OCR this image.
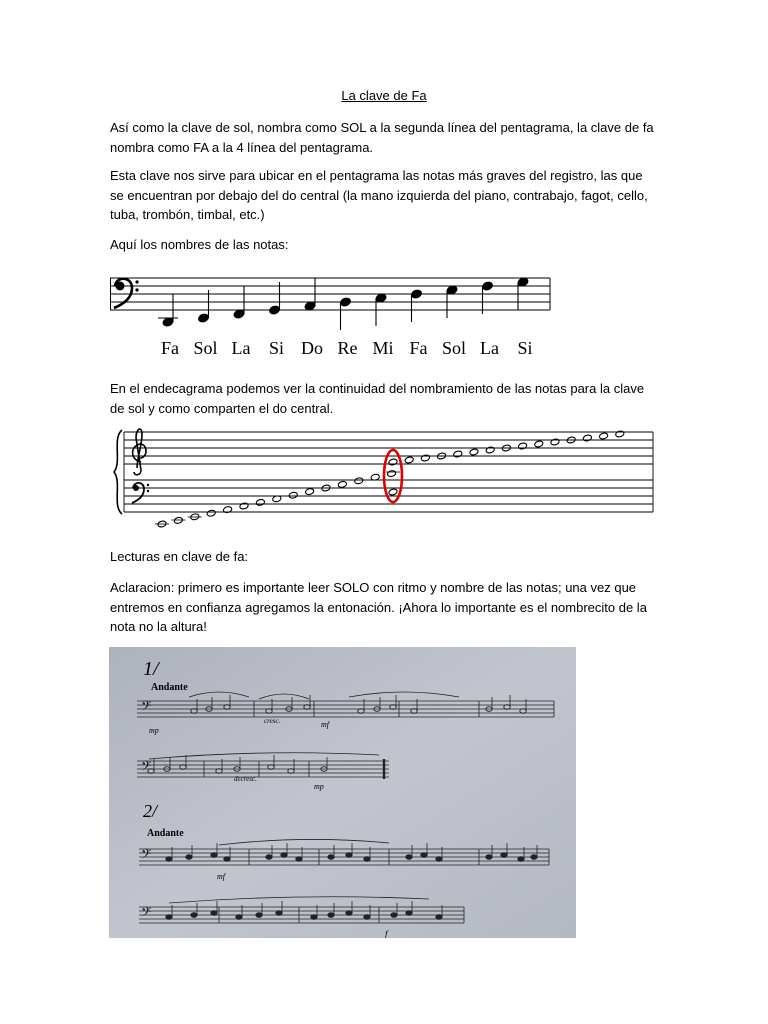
La clave de Fa
Así como la clave de sol, nombra como SOL a la segunda línea del pentagrama, la clave de fa nombra como FA a la 4 línea del pentagrama.
Esta clave nos sirve para ubicar en el pentagrama las notas más graves del registro, las que se encuentran por debajo del do central (la mano izquierda del piano, contrabajo, fagot, cello, tuba, trombón, timbal, etc.)
Aquí los nombres de las notas:
Fa Sol La Si Do Re Mi Fa Sol La Si
En el endecagrama podemos ver la continuidad del nombramiento de las notas para la clave de sol y como comparten el do central.
Lecturas en clave de fa:
Aclaracion: primero es importante leer SOLO con ritmo y nombre de las notas; una vez que entremos en confianza agregamos la entonación. ¡Ahora lo importante es el nombrecito de la nota no la altura!
1/
Andante
mp
cresc.	mf
decresc.
mp
2/
Andante
mf
f
𝄢
𝄢
𝄢
𝄢
